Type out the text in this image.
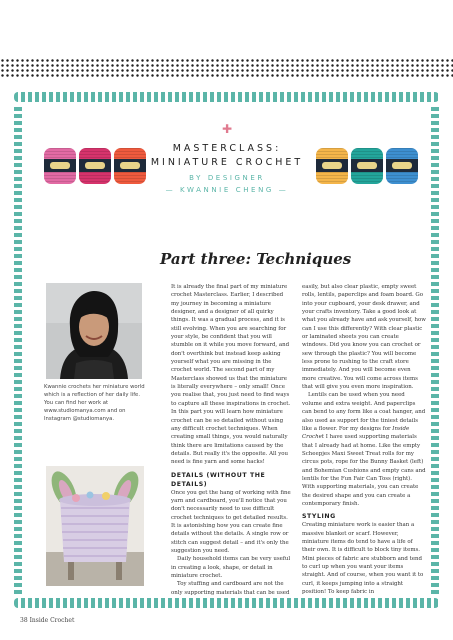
✚
MASTERCLASS:
MINIATURE CROCHET
BY DESIGNER
— KWANNIE CHENG —
Part three: Techniques
Kwannie crochets her miniature world which is a reflection of her daily life. You can find her work at www.studiomanya.com and on Instagram @studiomanya.

It is already the final part of my miniature crochet Masterclass. Earlier, I described my journey in becoming a miniature designer, and a designer of all quirky things. It was a gradual process, and it is still evolving. When you are searching for your style, be confident that you will stumble on it while you move forward, and don't overthink but instead keep asking yourself what you are missing in the crochet world. The second part of my Masterclass showed us that the miniature is literally everywhere – only small! Once you realise that, you just need to find ways to capture all these inspirations in crochet. In this part you will learn how miniature crochet can be so detailed without using any difficult crochet techniques. When creating small things, you would naturally think there are limitations caused by the details. But really it's the opposite. All you need is fine yarn and some hacks!

DETAILS (WITHOUT THE DETAILS)

Once you get the hang of working with fine yarn and cardboard, you'll notice that you don't necessarily need to use difficult crochet techniques to get detailed results. It is astonishing how you can create fine details without the details. A single row or stitch can suggest detail – and it's only the suggestion you need.

Daily household items can be very useful in creating a look, shape, or detail in miniature crochet.

Toy stuffing and cardboard are not the only supporting materials that can be used

easily, but also clear plastic, empty sweet rolls, lentils, paperclips and foam board. Go into your cupboard, your desk drawer, and your crafts inventory. Take a good look at what you already have and ask yourself, how can I use this differently? With clear plastic or laminated sheets you can create windows. Did you know you can crochet or sew through the plastic? You will become less prone to rushing to the craft store immediately. And you will become even more creative. You will come across items that will give you even more inspiration.

Lentils can be used when you need volume and extra weight. And paperclips can bend to any form like a coat hanger, and also used as support for the tiniest details like a flower. For my designs for Inside Crochet I have used supporting materials that I already had at home. Like the empty Scheepjes Maxi Sweet Treat rolls for my circus pots, rope for the Bunny Basket (left) and Bohemian Cushions and empty cans and lentils for the Fun Fair Can Toss (right). With supporting materials, you can create the desired shape and you can create a contemporary finish.

STYLING

Creating miniature work is easier than a massive blanket or scarf. However, miniature items do tend to have a life of their own. It is difficult to block tiny items. Mini pieces of fabric are stubborn and tend to curl up when you want your items straight. And of course, when you want it to curl, it keeps jumping into a straight position! To keep fabric in

38 Inside Crochet
